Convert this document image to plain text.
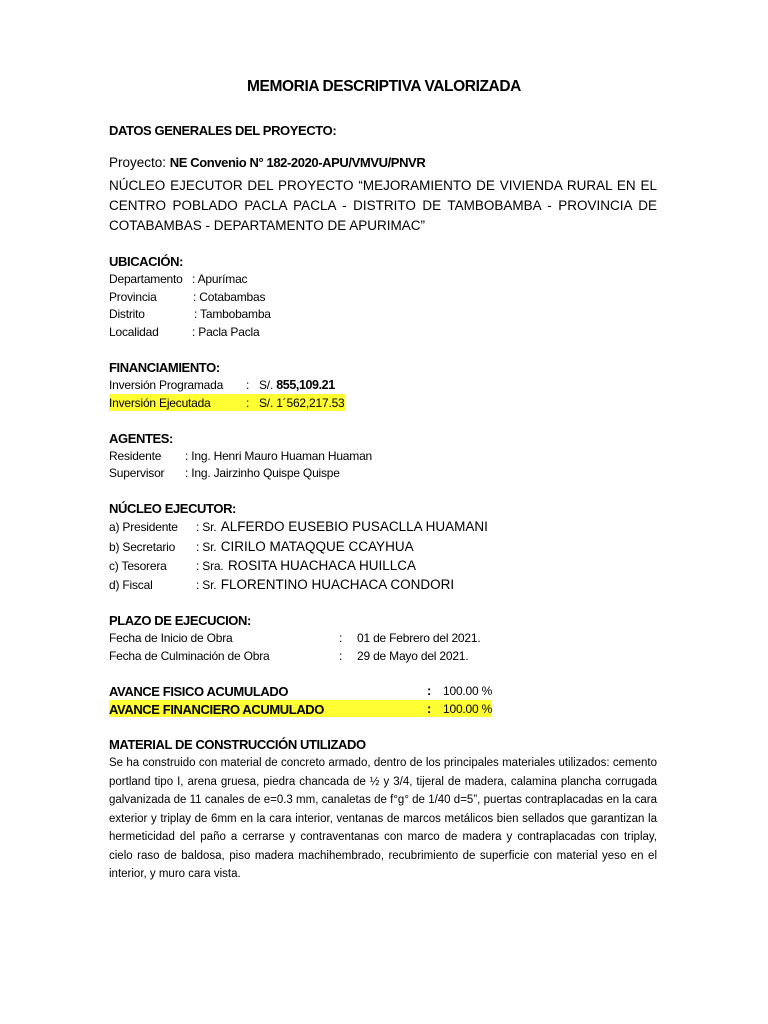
MEMORIA DESCRIPTIVA VALORIZADA
DATOS GENERALES DEL PROYECTO:
Proyecto: NE Convenio N° 182-2020-APU/VMVU/PNVR
NÚCLEO EJECUTOR DEL PROYECTO “MEJORAMIENTO DE VIVIENDA RURAL EN EL CENTRO POBLADO PACLA PACLA - DISTRITO DE TAMBOBAMBA - PROVINCIA DE COTABAMBAS - DEPARTAMENTO DE APURIMAC”
UBICACIÓN:
Departamento : Apurímac
Provincia	: Cotabambas
Distrito	: Tambobamba
Localidad	: Pacla Pacla
FINANCIAMIENTO:
Inversión Programada : S/. 855,109.21
Inversión Ejecutada	: S/. 1´562,217.53
AGENTES:
Residente : Ing. Henri Mauro Huaman Huaman
Supervisor : Ing. Jairzinho Quispe Quispe
NÚCLEO EJECUTOR:
a) Presidente : Sr. ALFERDO EUSEBIO PUSACLLA HUAMANI
b) Secretario : Sr. CIRILO MATAQQUE CCAYHUA
c) Tesorera : Sra. ROSITA HUACHACA HUILLCA
d) Fiscal	: Sr. FLORENTINO HUACHACA CONDORI
PLAZO DE EJECUCION:
Fecha de Inicio de Obra	: 01 de Febrero del 2021.
Fecha de Culminación de Obra	: 29 de Mayo del 2021.
AVANCE FISICO ACUMULADO	: 100.00 %
AVANCE FINANCIERO ACUMULADO	: 100.00 %
MATERIAL DE CONSTRUCCIÓN UTILIZADO
Se ha construido con material de concreto armado, dentro de los principales materiales utilizados: cemento portland tipo I, arena gruesa, piedra chancada de ½ y 3/4, tijeral de madera, calamina plancha corrugada galvanizada de 11 canales de e=0.3 mm, canaletas de f°g° de 1/40 d=5”, puertas contraplacadas en la cara exterior y triplay de 6mm en la cara interior, ventanas de marcos metálicos bien sellados que garantizan la hermeticidad del paño a cerrarse y contraventanas con marco de madera y contraplacadas con triplay, cielo raso de baldosa, piso madera machihembrado, recubrimiento de superficie con material yeso en el interior, y muro cara vista.
